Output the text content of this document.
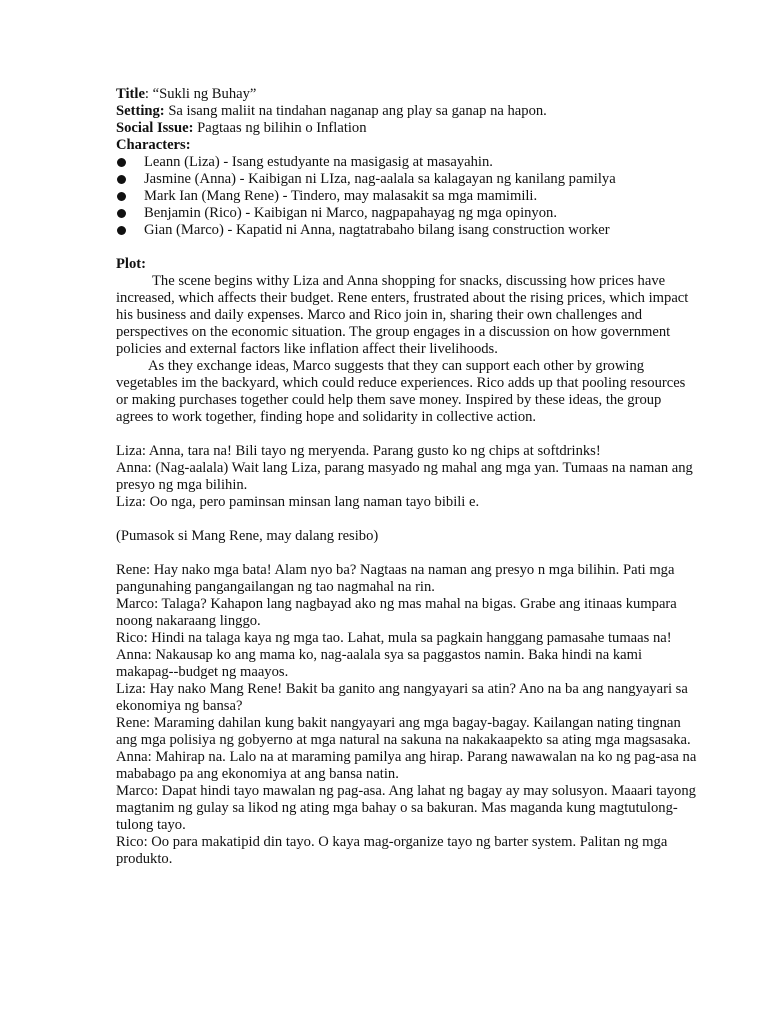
Title: “Sukli ng Buhay”

Setting: Sa isang maliit na tindahan naganap ang play sa ganap na hapon.

Social Issue: Pagtaas ng bilihin o Inflation

Characters:

Leann (Liza) - Isang estudyante na masigasig at masayahin.
Jasmine (Anna) - Kaibigan ni LIza, nag-aalala sa kalagayan ng kanilang pamilya
Mark Ian (Mang Rene) - Tindero, may malasakit sa mga mamimili.
Benjamin (Rico) - Kaibigan ni Marco, nagpapahayag ng mga opinyon.
Gian (Marco) - Kapatid ni Anna, nagtatrabaho bilang isang construction worker

Plot:

The scene begins withy Liza and Anna shopping for snacks, discussing how prices have increased, which affects their budget. Rene enters, frustrated about the rising prices, which impact his business and daily expenses. Marco and Rico join in, sharing their own challenges and perspectives on the economic situation. The group engages in a discussion on how government policies and external factors like inflation affect their livelihoods.

As they exchange ideas, Marco suggests that they can support each other by growing vegetables im the backyard, which could reduce experiences. Rico adds up that pooling resources or making purchases together could help them save money. Inspired by these ideas, the group agrees to work together, finding hope and solidarity in collective action.

Liza: Anna, tara na! Bili tayo ng meryenda. Parang gusto ko ng chips at softdrinks!

Anna: (Nag-aalala) Wait lang Liza, parang masyado ng mahal ang mga yan. Tumaas na naman ang presyo ng mga bilihin.

Liza: Oo nga, pero paminsan minsan lang naman tayo bibili e.

(Pumasok si Mang Rene, may dalang resibo)

Rene: Hay nako mga bata! Alam nyo ba? Nagtaas na naman ang presyo n mga bilihin. Pati mga pangunahing pangangailangan ng tao nagmahal na rin.

Marco: Talaga? Kahapon lang nagbayad ako ng mas mahal na bigas. Grabe ang itinaas kumpara noong nakaraang linggo.

Rico: Hindi na talaga kaya ng mga tao. Lahat, mula sa pagkain hanggang pamasahe tumaas na!

Anna: Nakausap ko ang mama ko, nag-aalala sya sa paggastos namin. Baka hindi na kami makapag--budget ng maayos.

Liza: Hay nako Mang Rene! Bakit ba ganito ang nangyayari sa atin? Ano na ba ang nangyayari sa ekonomiya ng bansa?

Rene: Maraming dahilan kung bakit nangyayari ang mga bagay-bagay. Kailangan nating tingnan ang mga polisiya ng gobyerno at mga natural na sakuna na nakakaapekto sa ating mga magsasaka.

Anna: Mahirap na. Lalo na at maraming pamilya ang hirap. Parang nawawalan na ko ng pag-asa na mababago pa ang ekonomiya at ang bansa natin.

Marco: Dapat hindi tayo mawalan ng pag-asa. Ang lahat ng bagay ay may solusyon. Maaari tayong magtanim ng gulay sa likod ng ating mga bahay o sa bakuran. Mas maganda kung magtutulong-tulong tayo.

Rico: Oo para makatipid din tayo. O kaya mag-organize tayo ng barter system. Palitan ng mga produkto.
